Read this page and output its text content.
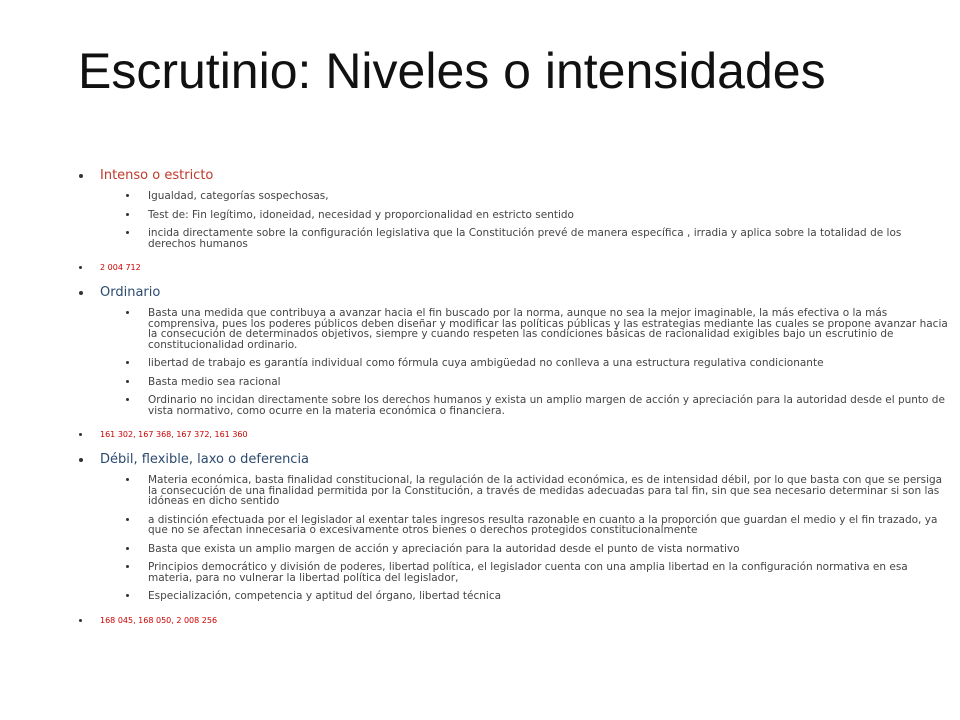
Escrutinio: Niveles o intensidades
Intenso o estricto
Igualdad, categorías sospechosas,
Test de: Fin legítimo, idoneidad, necesidad y proporcionalidad en estricto sentido
incida directamente sobre la configuración legislativa que la Constitución prevé de manera específica , irradia y aplica sobre la totalidad de los derechos humanos
2 004 712
Ordinario
Basta una medida que contribuya a avanzar hacia el fin buscado por la norma, aunque no sea la mejor imaginable, la más efectiva o la más comprensiva, pues los poderes públicos deben diseñar y modificar las políticas públicas y las estrategias mediante las cuales se propone avanzar hacia la consecución de determinados objetivos, siempre y cuando respeten las condiciones básicas de racionalidad exigibles bajo un escrutinio de constitucionalidad ordinario.
libertad de trabajo es garantía individual como fórmula cuya ambigüedad no conlleva a una estructura regulativa condicionante
Basta medio sea racional
Ordinario no incidan directamente sobre los derechos humanos y exista un amplio margen de acción y apreciación para la autoridad desde el punto de vista normativo, como ocurre en la materia económica o financiera.
161 302, 167 368, 167 372, 161 360
Débil, flexible, laxo o deferencia
Materia económica, basta finalidad constitucional, la regulación de la actividad económica, es de intensidad débil, por lo que basta con que se persiga la consecución de una finalidad permitida por la Constitución, a través de medidas adecuadas para tal fin, sin que sea necesario determinar si son las idóneas en dicho sentido
a distinción efectuada por el legislador al exentar tales ingresos resulta razonable en cuanto a la proporción que guardan el medio y el fin trazado, ya que no se afectan innecesaria o excesivamente otros bienes o derechos protegidos constitucionalmente
Basta que exista un amplio margen de acción y apreciación para la autoridad desde el punto de vista normativo
Principios democrático y división de poderes, libertad política, el legislador cuenta con una amplia libertad en la configuración normativa en esa materia, para no vulnerar la libertad política del legislador,
Especialización, competencia y aptitud del órgano, libertad técnica
168 045, 168 050, 2 008 256
